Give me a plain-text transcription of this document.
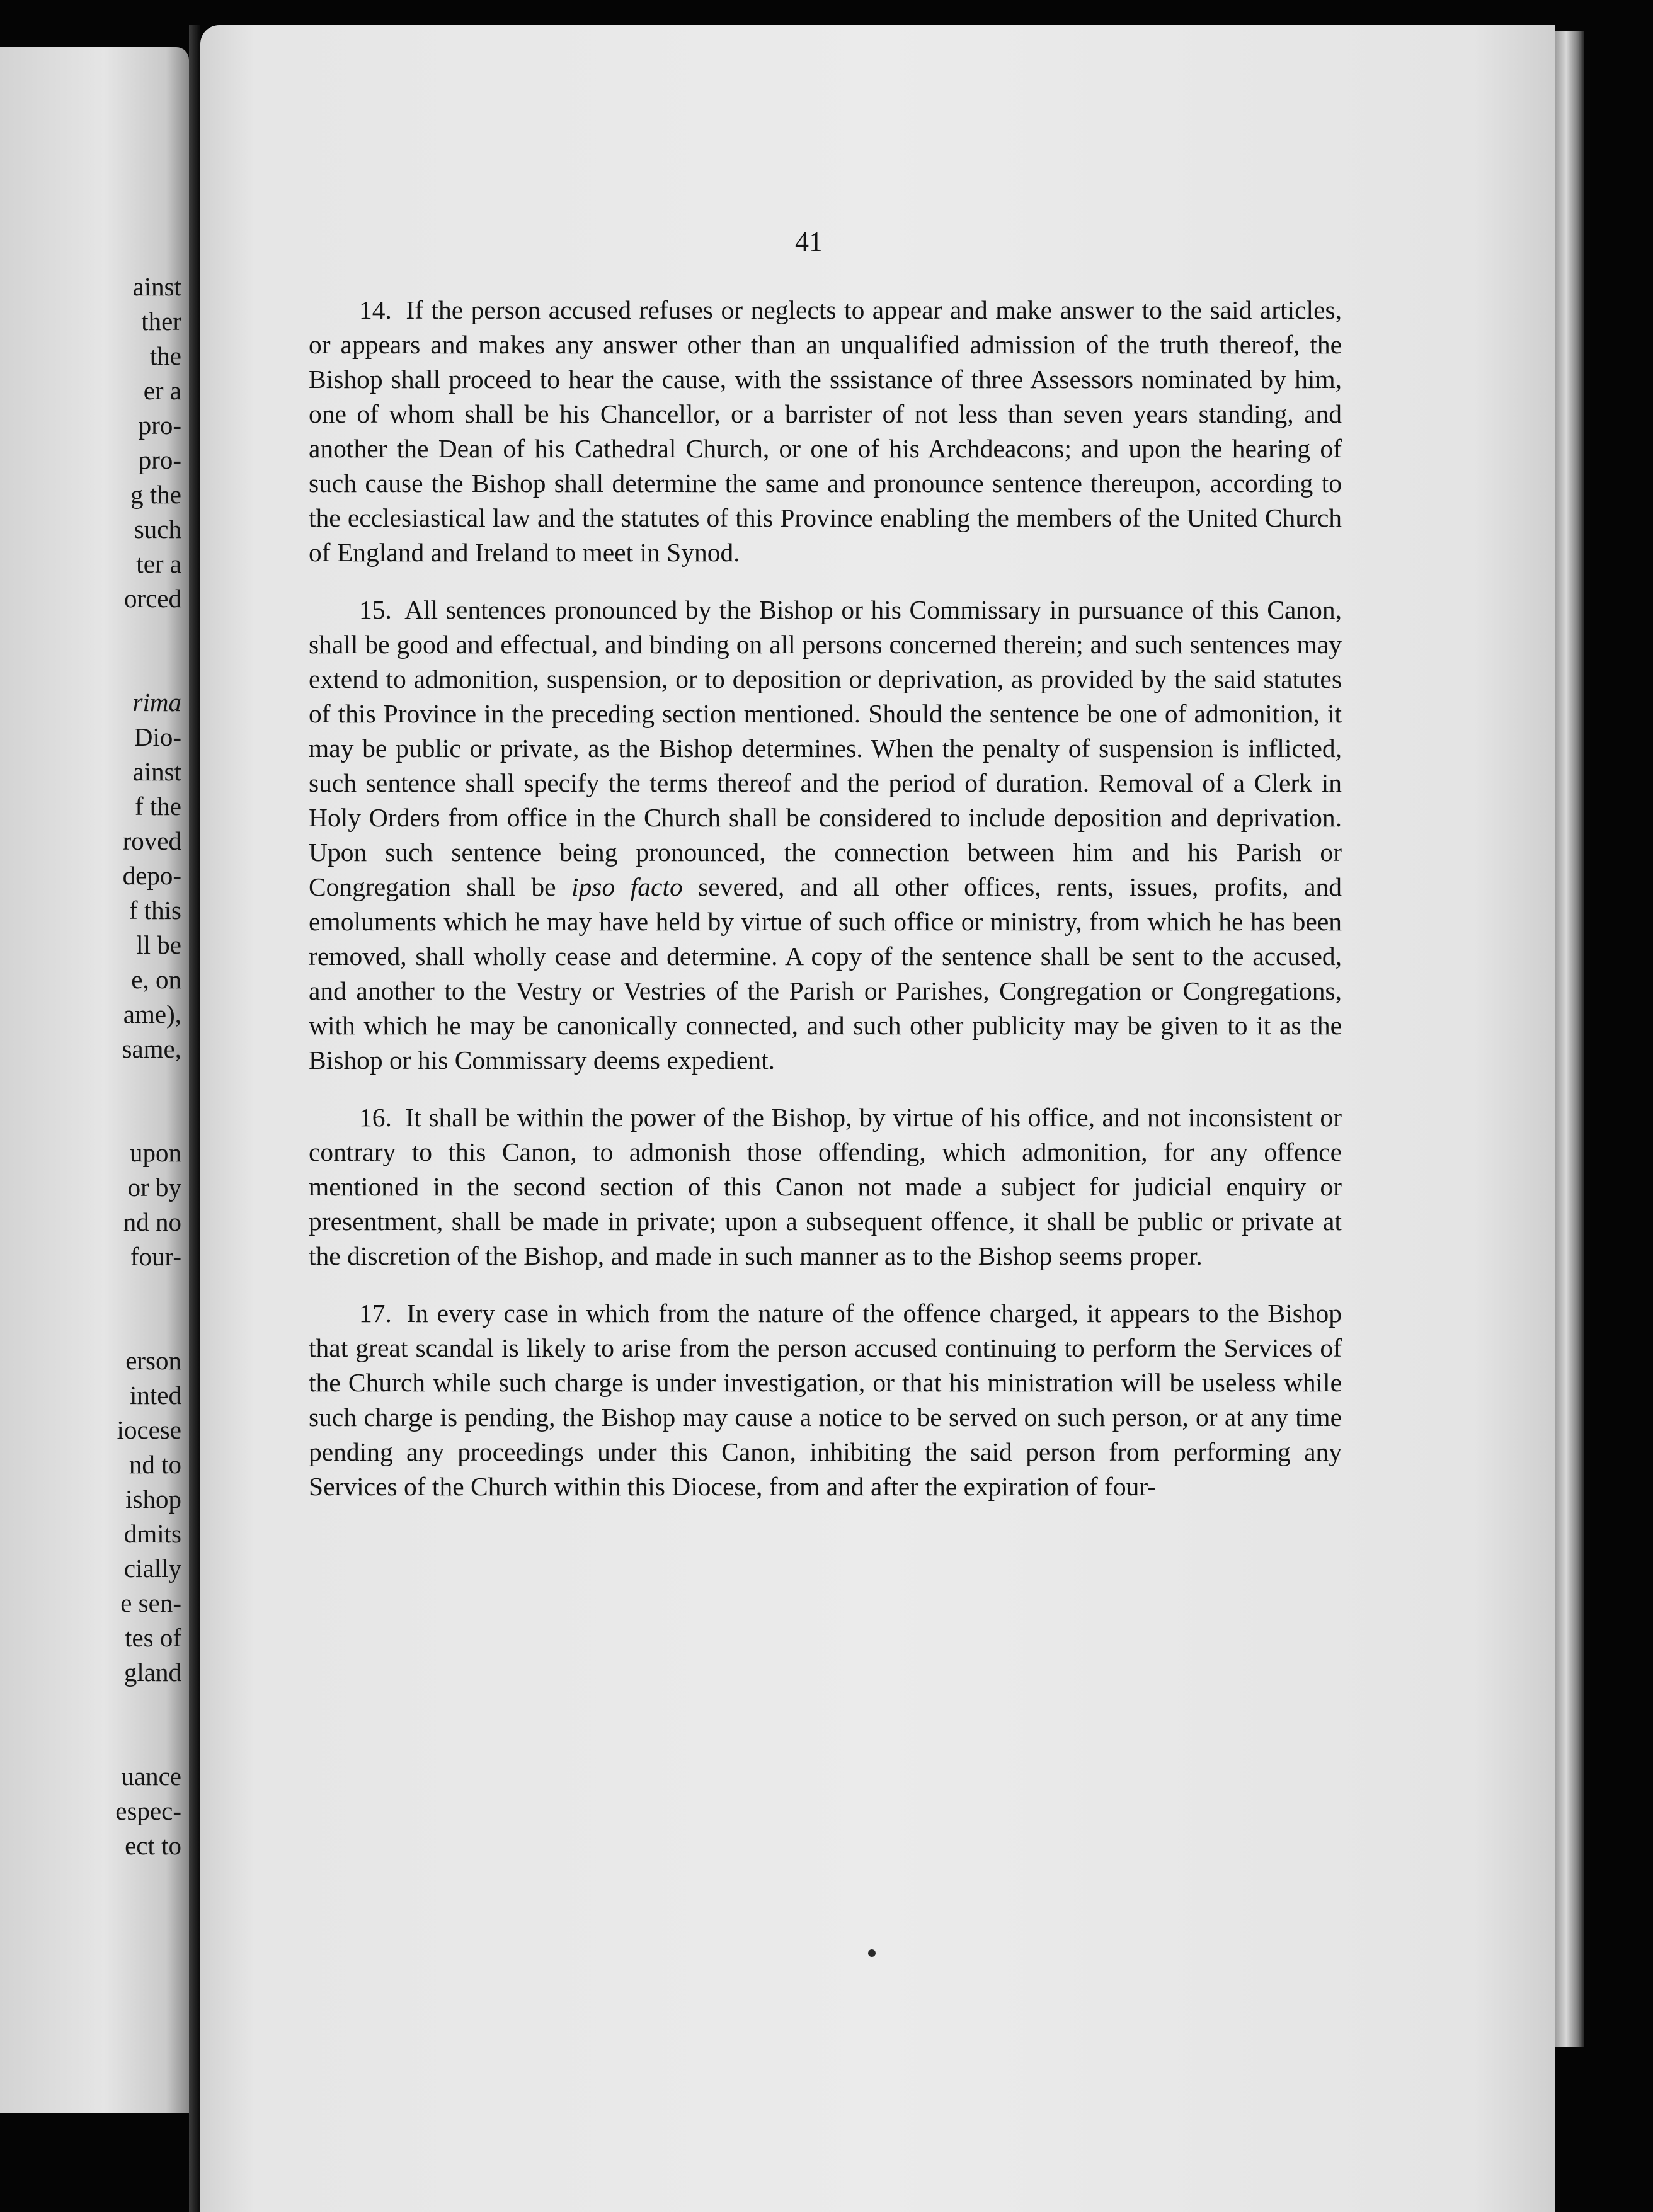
ainst
ther
the
er a
pro-
pro-
g the
such
ter a
orced
rima
Dio-
ainst
f the
roved
depo-
f this
ll be
e, on
ame),
same,
upon
or by
nd no
four-
erson
inted
iocese
nd to
ishop
dmits
cially
e sen-
tes of
gland
uance
espec-
ect to
41

14. If the person accused refuses or neglects to appear and make answer to the said articles, or appears and makes any answer other than an unqualified admission of the truth thereof, the Bishop shall proceed to hear the cause, with the sssistance of three Assessors nominated by him, one of whom shall be his Chancellor, or a barrister of not less than seven years standing, and another the Dean of his Cathedral Church, or one of his Archdeacons; and upon the hearing of such cause the Bishop shall determine the same and pronounce sentence thereupon, according to the ecclesiastical law and the statutes of this Province enabling the members of the United Church of England and Ireland to meet in Synod.

15. All sentences pronounced by the Bishop or his Commissary in pursuance of this Canon, shall be good and effectual, and binding on all persons concerned therein; and such sentences may extend to admonition, suspension, or to deposition or deprivation, as provided by the said statutes of this Province in the preceding section mentioned. Should the sentence be one of admonition, it may be public or private, as the Bishop determines. When the penalty of suspension is inflicted, such sentence shall specify the terms thereof and the period of duration. Removal of a Clerk in Holy Orders from office in the Church shall be considered to include deposition and deprivation. Upon such sentence being pronounced, the connection between him and his Parish or Congregation shall be ipso facto severed, and all other offices, rents, issues, profits, and emoluments which he may have held by virtue of such office or ministry, from which he has been removed, shall wholly cease and determine. A copy of the sentence shall be sent to the accused, and another to the Vestry or Vestries of the Parish or Parishes, Congregation or Congregations, with which he may be canonically connected, and such other publicity may be given to it as the Bishop or his Commissary deems expedient.

16. It shall be within the power of the Bishop, by virtue of his office, and not inconsistent or contrary to this Canon, to admonish those offending, which admonition, for any offence mentioned in the second section of this Canon not made a subject for judicial enquiry or presentment, shall be made in private; upon a subsequent offence, it shall be public or private at the discretion of the Bishop, and made in such manner as to the Bishop seems proper.

17. In every case in which from the nature of the offence charged, it appears to the Bishop that great scandal is likely to arise from the person accused continuing to perform the Services of the Church while such charge is under investigation, or that his ministration will be useless while such charge is pending, the Bishop may cause a notice to be served on such person, or at any time pending any proceedings under this Canon, inhibiting the said person from performing any Services of the Church within this Diocese, from and after the expiration of four-
